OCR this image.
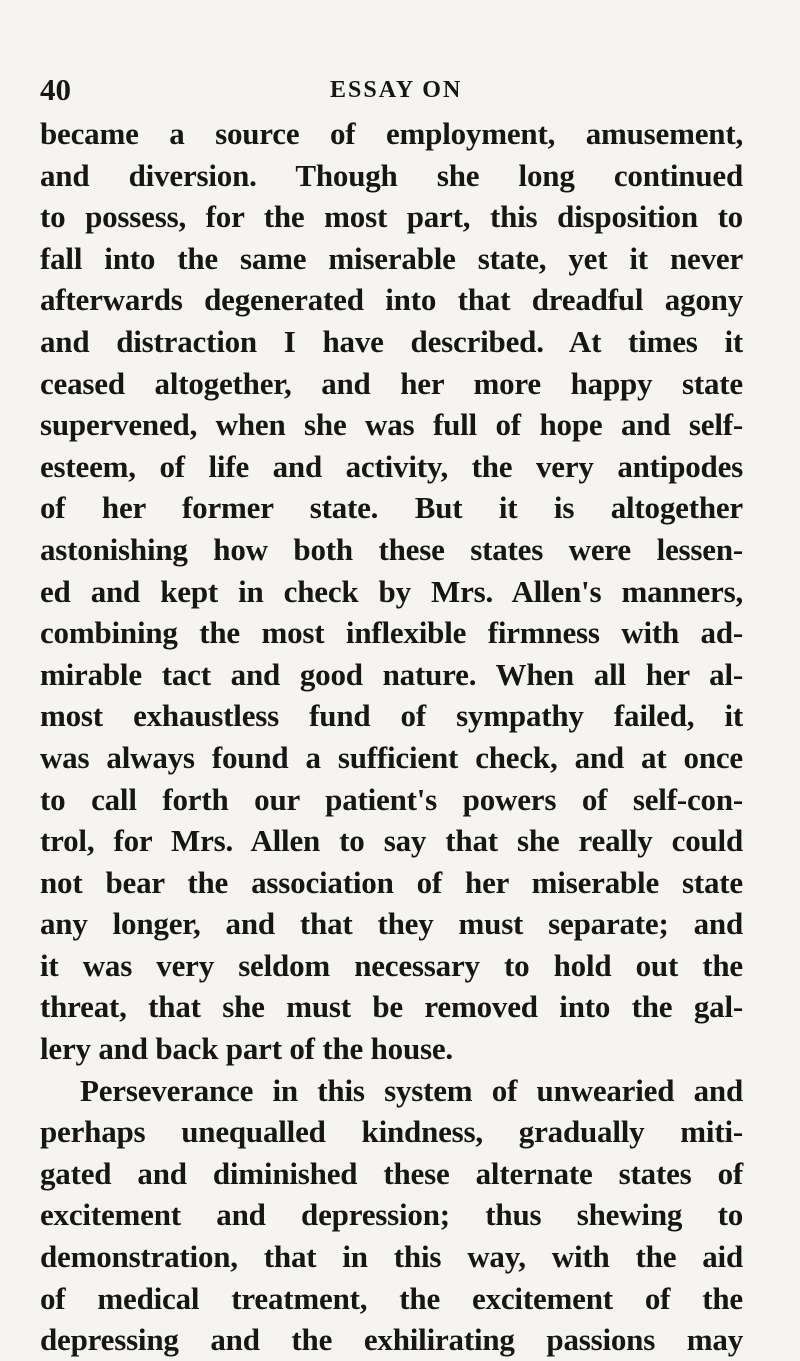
40	ESSAY ON
became a source of employment, amusement,
and diversion. Though she long continued
to possess, for the most part, this disposition to
fall into the same miserable state, yet it never
afterwards degenerated into that dreadful agony
and distraction I have described. At times it
ceased altogether, and her more happy state
supervened, when she was full of hope and self-
esteem, of life and activity, the very antipodes
of her former state. But it is altogether
astonishing how both these states were lessen-
ed and kept in check by Mrs. Allen's manners,
combining the most inflexible firmness with ad-
mirable tact and good nature. When all her al-
most exhaustless fund of sympathy failed, it
was always found a sufficient check, and at once
to call forth our patient's powers of self-con-
trol, for Mrs. Allen to say that she really could
not bear the association of her miserable state
any longer, and that they must separate; and
it was very seldom necessary to hold out the
threat, that she must be removed into the gal-
lery and back part of the house.
Perseverance in this system of unwearied and
perhaps unequalled kindness, gradually miti-
gated and diminished these alternate states of
excitement and depression; thus shewing to
demonstration, that in this way, with the aid
of medical treatment, the excitement of the
depressing and the exhilirating passions may
